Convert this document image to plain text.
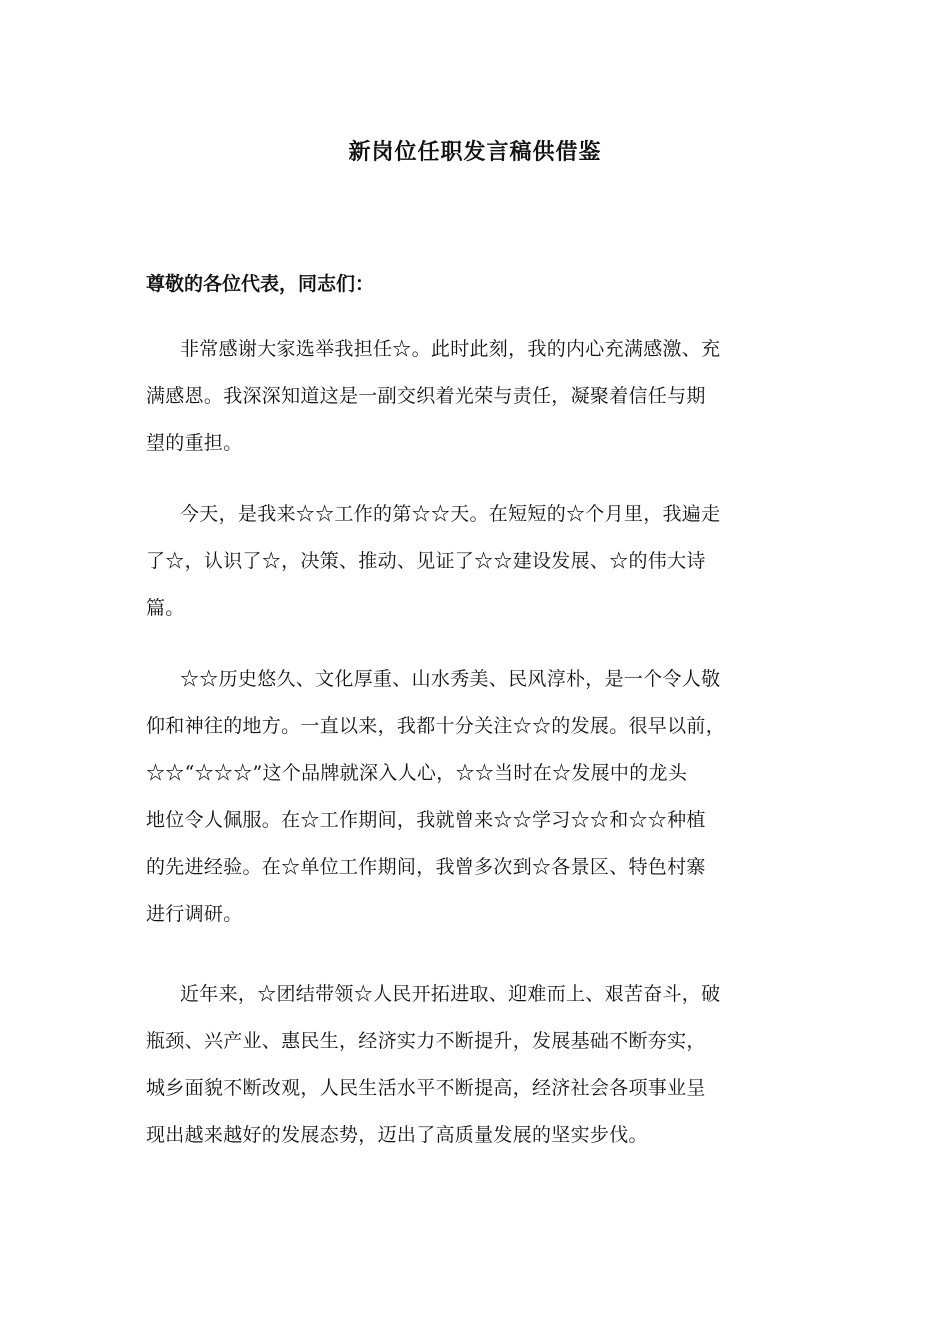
新岗位任职发言稿供借鉴
尊敬的各位代表，同志们：
非常感谢大家选举我担任☆。此时此刻，我的内心充满感激、充
满感恩。我深深知道这是一副交织着光荣与责任，凝聚着信任与期
望的重担。
今天，是我来☆☆工作的第☆☆天。在短短的☆个月里，我遍走
了☆，认识了☆，决策、推动、见证了☆☆建设发展、☆的伟大诗
篇。
☆☆历史悠久、文化厚重、山水秀美、民风淳朴，是一个令人敬
仰和神往的地方。一直以来，我都十分关注☆☆的发展。很早以前，
☆☆“☆☆☆”这个品牌就深入人心，☆☆当时在☆发展中的龙头
地位令人佩服。在☆工作期间，我就曾来☆☆学习☆☆和☆☆种植
的先进经验。在☆单位工作期间，我曾多次到☆各景区、特色村寨
进行调研。
近年来，☆团结带领☆人民开拓进取、迎难而上、艰苦奋斗，破
瓶颈、兴产业、惠民生，经济实力不断提升，发展基础不断夯实，
城乡面貌不断改观，人民生活水平不断提高，经济社会各项事业呈
现出越来越好的发展态势，迈出了高质量发展的坚实步伐。
